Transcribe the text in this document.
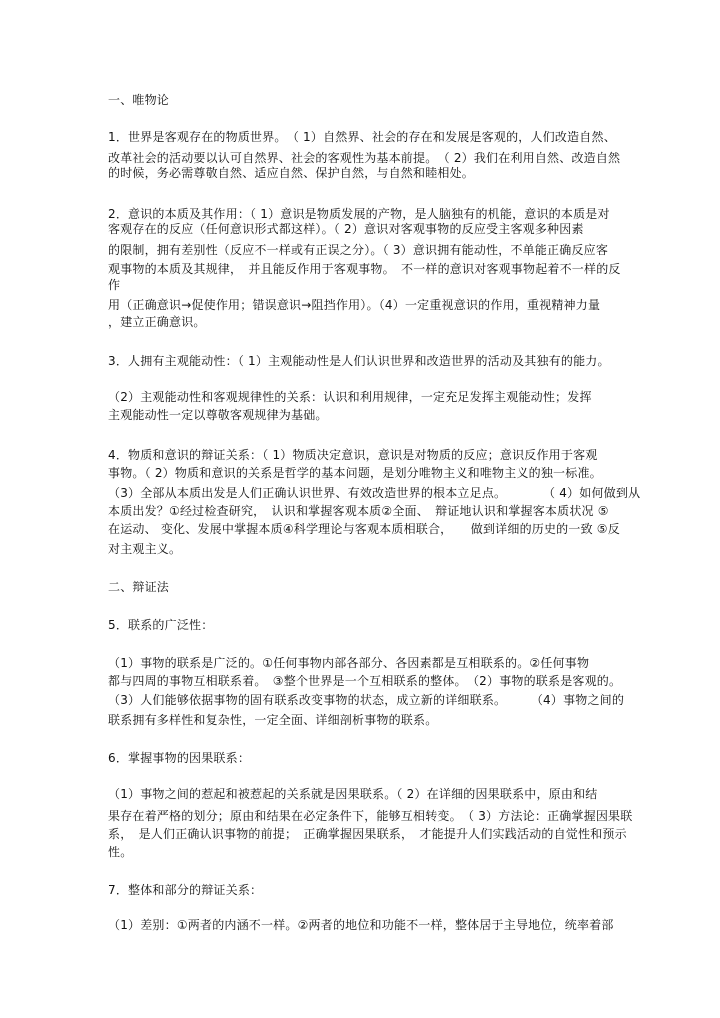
一、唯物论
1．世界是客观存在的物质世界。　（ 1）自然界、社会的存在和发展是客观的，人们改造自然、
改革社会的活动要以认可自然界、社会的客观性为基本前提。　（ 2）我们在利用自然、改造自然
的时候，务必需尊敬自然、适应自然、保护自然，与自然和睦相处。
2．意识的本质及其作用：（ 1）意识是物质发展的产物，是人脑独有的机能，意识的本质是对
客观存在的反应（任何意识形式都这样）。（ 2）意识对客观事物的反应受主客观多种因素
的限制，拥有差别性（反应不一样或有正误之分）。（ 3）意识拥有能动性，不单能正确反应客
观事物的本质及其规律，　并且能反作用于客观事物。　不一样的意识对客观事物起着不一样的反
作
用（正确意识→促使作用；错误意识→阻挡作用）。（4）一定重视意识的作用，重视精神力量
，建立正确意识。
3．人拥有主观能动性：（ 1）主观能动性是人们认识世界和改造世界的活动及其独有的能力。
（2）主观能动性和客观规律性的关系：认识和利用规律，一定充足发挥主观能动性；发挥
主观能动性一定以尊敬客观规律为基础。
4．物质和意识的辩证关系：（ 1）物质决定意识，意识是对物质的反应；意识反作用于客观
事物。（ 2）物质和意识的关系是哲学的基本问题，是划分唯物主义和唯物主义的独一标准。
（3）全部从本质出发是人们正确认识世界、有效改造世界的根本立足点。　　　　（ 4）如何做到从
本质出发？①经过检查研究，　认识和掌握客观本质②全面、　辩证地认识和掌握客本质状况 ⑤
在运动、 变化、发展中掌握本质④科学理论与客观本质相联合，　　做到详细的历史的一致 ⑤反
对主观主义。
二、辩证法
5．联系的广泛性：
（1）事物的联系是广泛的。①任何事物内部各部分、各因素都是互相联系的。②任何事物
都与四周的事物互相联系着。　③整个世界是一个互相联系的整体。　（2）事物的联系是客观的。
（3）人们能够依据事物的固有联系改变事物的状态，成立新的详细联系。　　　（4）事物之间的
联系拥有多样性和复杂性，一定全面、详细剖析事物的联系。
6．掌握事物的因果联系：
（1）事物之间的惹起和被惹起的关系就是因果联系。（ 2）在详细的因果联系中，原由和结
果存在着严格的划分；原由和结果在必定条件下，能够互相转变。　（ 3）方法论：正确掌握因果联
系，　是人们正确认识事物的前提；　正确掌握因果联系，　才能提升人们实践活动的自觉性和预示
性。
7．整体和部分的辩证关系：
（1）差别：①两者的内涵不一样。②两者的地位和功能不一样，整体居于主导地位，统率着部
